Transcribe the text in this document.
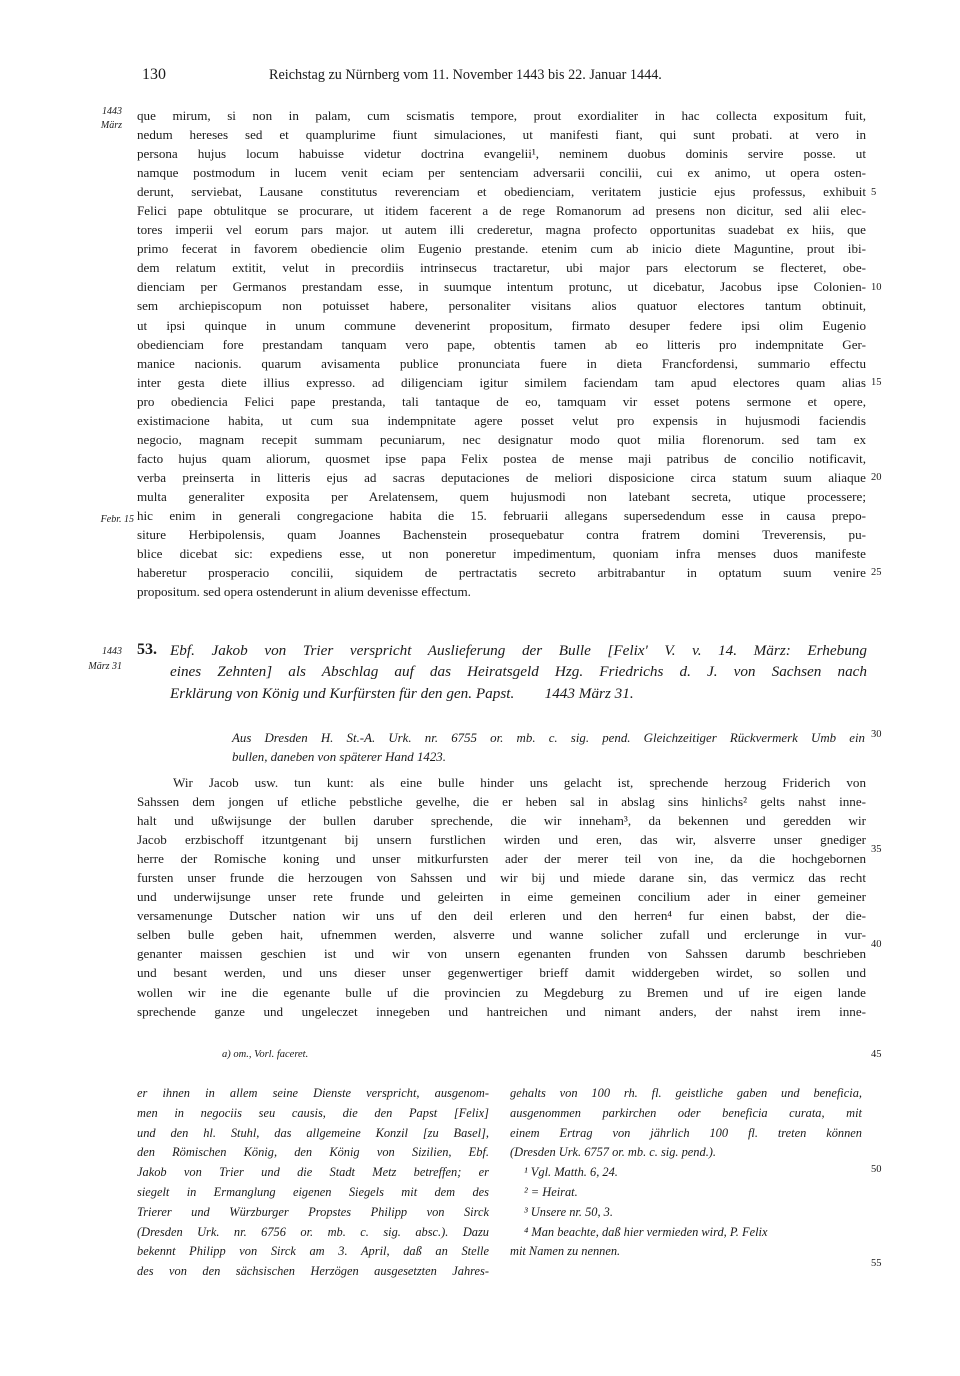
130	Reichstag zu Nürnberg vom 11. November 1443 bis 22. Januar 1444.
1443
März
Febr. 15
1443
März 31
5
10
15
20
25
30
35
40
45
50
55
que mirum, si non in palam, cum scismatis tempore, prout exordialiter in hac collecta expositum fuit,
nedum hereses sed et quamplurime fiunt simulaciones, ut manifesti fiant, qui sunt probati. at vero in
persona hujus locum habuisse videtur doctrina evangelii¹, neminem duobus dominis servire posse. ut
namque postmodum in lucem venit eciam per sentenciam adversarii concilii, cui ex animo, ut opera osten-
derunt, serviebat, Lausane constitutus reverenciam et obedienciam, veritatem justicie ejus professus, exhibuit
Felici pape obtulitque se procurare, ut itidem facerent a de rege Romanorum ad presens non dicitur, sed alii elec-
tores imperii vel eorum pars major. ut autem illi crederetur, magna profecto opportunitas suadebat ex hiis, que
primo fecerat in favorem obediencie olim Eugenio prestande. etenim cum ab inicio diete Maguntine, prout ibi-
dem relatum extitit, velut in precordiis intrinsecus tractaretur, ubi major pars electorum se flecteret, obe-
dienciam per Germanos prestandam esse, in suumque intentum protunc, ut dicebatur, Jacobus ipse Colonien-
sem archiepiscopum non potuisset habere, personaliter visitans alios quatuor electores tantum obtinuit,
ut ipsi quinque in unum commune devenerint propositum, firmato desuper federe ipsi olim Eugenio
obedienciam fore prestandam tanquam vero pape, obtentis tamen ab eo litteris pro indempnitate Ger-
manice nacionis. quarum avisamenta publice pronunciata fuere in dieta Francfordensi, summario effectu
inter gesta diete illius expresso. ad diligenciam igitur similem faciendam tam apud electores quam alias
pro obediencia Felici pape prestanda, tali tantaque de eo, tamquam vir esset potens sermone et opere,
existimacione habita, ut cum sua indempnitate agere posset velut pro expensis in hujusmodi faciendis
negocio, magnam recepit summam pecuniarum, nec designatur modo quot milia florenorum. sed tam ex
facto hujus quam aliorum, quosmet ipse papa Felix postea de mense maji patribus de concilio notificavit,
verba preinserta in litteris ejus ad sacras deputaciones de meliori disposicione circa statum suum aliaque
multa generaliter exposita per Arelatensem, quem hujusmodi non latebant secreta, utique processere;
hic enim in generali congregacione habita die 15. februarii allegans supersedendum esse in causa prepo-
siture Herbipolensis, quam Joannes Bachenstein prosequebatur contra fratrem domini Treverensis, pu-
blice dicebat sic: expediens esse, ut non poneretur impedimentum, quoniam infra menses duos manifeste
haberetur prosperacio concilii, siquidem de pertractatis secreto arbitrabantur in optatum suum venire
propositum. sed opera ostenderunt in alium devenisse effectum.
53. Ebf. Jakob von Trier verspricht Auslieferung der Bulle [Felix' V. v. 14. März: Erhebung
eines Zehnten] als Abschlag auf das Heiratsgeld Hzg. Friedrichs d. J. von Sachsen nach
Erklärung von König und Kurfürsten für den gen. Papst.        1443 März 31.
Aus Dresden H. St.-A. Urk. nr. 6755 or. mb. c. sig. pend. Gleichzeitiger Rückvermerk Umb ein
bullen, daneben von späterer Hand 1423.
Wir Jacob usw. tun kunt: als eine bulle hinder uns gelacht ist, sprechende herzoug Friderich von
Sahssen dem jongen uf etliche pebstliche gevelhe, die er heben sal in abslag sins hinlichs² gelts nahst inne-
halt und ußwijsunge der bullen daruber sprechende, die wir inneham³, da bekennen und geredden wir
Jacob erzbischoff itzuntgenant bij unsern furstlichen wirden und eren, das wir, alsverre unser gnediger
herre der Romische koning und unser mitkurfursten ader der merer teil von ine, da die hochgebornen
fursten unser frunde die herzougen von Sahssen und wir bij und miede darane sin, das vermicz das recht
und underwijsunge unser rete frunde und geleirten in eime gemeinen concilium ader in einer gemeiner
versamenunge Dutscher nation wir uns uf den deil erleren und den herren⁴ fur einen babst, der die-
selben bulle geben hait, ufnemmen werden, alsverre und wanne solicher zufall und erclerunge in vur-
genanter maissen geschien ist und wir von unsern egenanten frunden von Sahssen darumb beschrieben
und besant werden, und uns dieser unser gegenwertiger brieff damit widdergeben wirdet, so sollen und
wollen wir ine die egenante bulle uf die provincien zu Megdeburg zu Bremen und uf ire eigen lande
sprechende ganze und ungeleczet innegeben und hantreichen und nimant anders, der nahst irem inne-
a) om., Vorl. faceret.
er ihnen in allem seine Dienste verspricht, ausgenom-
men in negociis seu causis, die den Papst [Felix]
und den hl. Stuhl, das allgemeine Konzil [zu Basel],
den Römischen König, den König von Sizilien, Ebf.
Jakob von Trier und die Stadt Metz betreffen; er
siegelt in Ermanglung eigenen Siegels mit dem des
Trierer und Würzburger Propstes Philipp von Sirck
(Dresden Urk. nr. 6756 or. mb. c. sig. absc.). Dazu
bekennt Philipp von Sirck am 3. April, daß an Stelle
des von den sächsischen Herzögen ausgesetzten Jahres-
gehalts von 100 rh. fl. geistliche gaben und beneficia,
ausgenommen parkirchen oder beneficia curata, mit
einem Ertrag von jährlich 100 fl. treten können
(Dresden Urk. 6757 or. mb. c. sig. pend.).
¹ Vgl. Matth. 6, 24.
² = Heirat.
³ Unsere nr. 50, 3.
⁴ Man beachte, daß hier vermieden wird, P. Felix
mit Namen zu nennen.
